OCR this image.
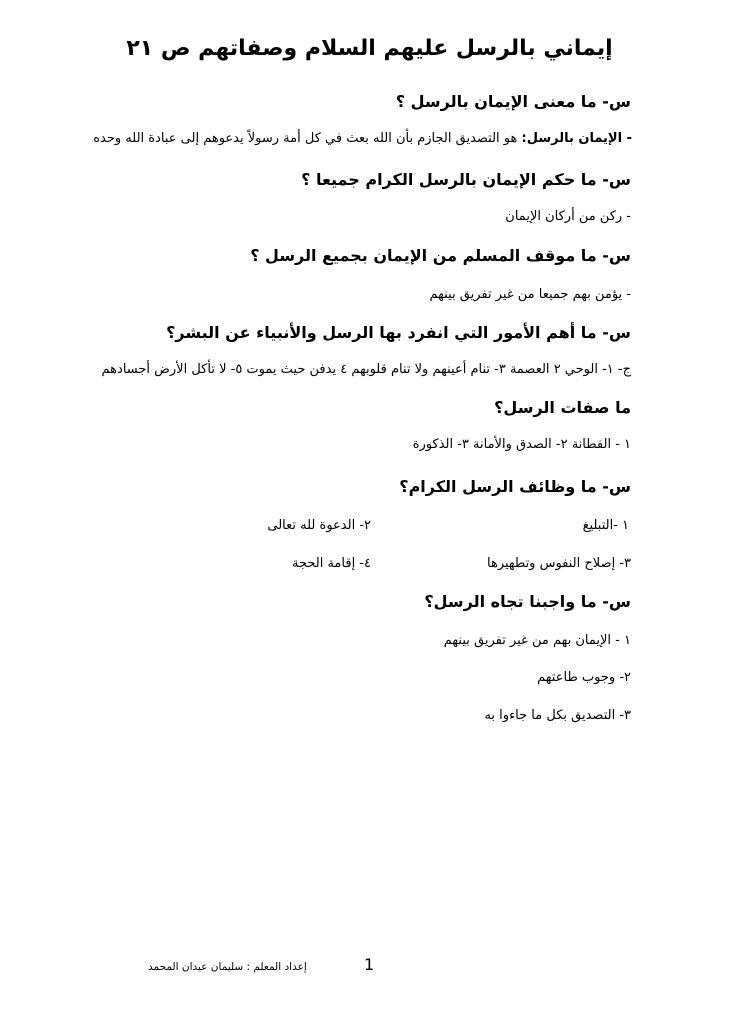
إيماني بالرسل عليهم السلام وصفاتهم ص ٢١
س- ما معنى الإيمان بالرسل ؟
- الإيمان بالرسل: هو التصديق الجازم بأن الله بعث في كل أمة رسولاً يدعوهم إلى عبادة الله وحده
س- ما حكم الإيمان بالرسل الكرام جميعا ؟
- ركن من أركان الإيمان
س- ما موقف المسلم من الإيمان بجميع الرسل ؟
- يؤمن بهم جميعا من غير تفريق بينهم
س- ما أهم الأمور التي انفرد بها الرسل والأنبياء عن البشر؟
ج- ١- الوحي ٢ العصمة ٣- تنام أعينهم ولا تنام قلوبهم ٤ يدفن حيث يموت ٥- لا تأكل الأرض أجسادهم
ما صفات الرسل؟
١ - الفطانة ٢- الصدق والأمانة ٣- الذكورة
س- ما وظائف الرسل الكرام؟
١ -التبليغ
٢- الدعوة لله تعالى
٣- إصلاح النفوس وتطهيرها
٤- إقامة الحجة
س- ما واجبنا تجاه الرسل؟
١ - الإيمان بهم من غير تفريق بينهم
٢- وجوب طاعتهم
٣- التصديق بكل ما جاءوا به
إعداد المعلم : سليمان عيدان المحمد	1
